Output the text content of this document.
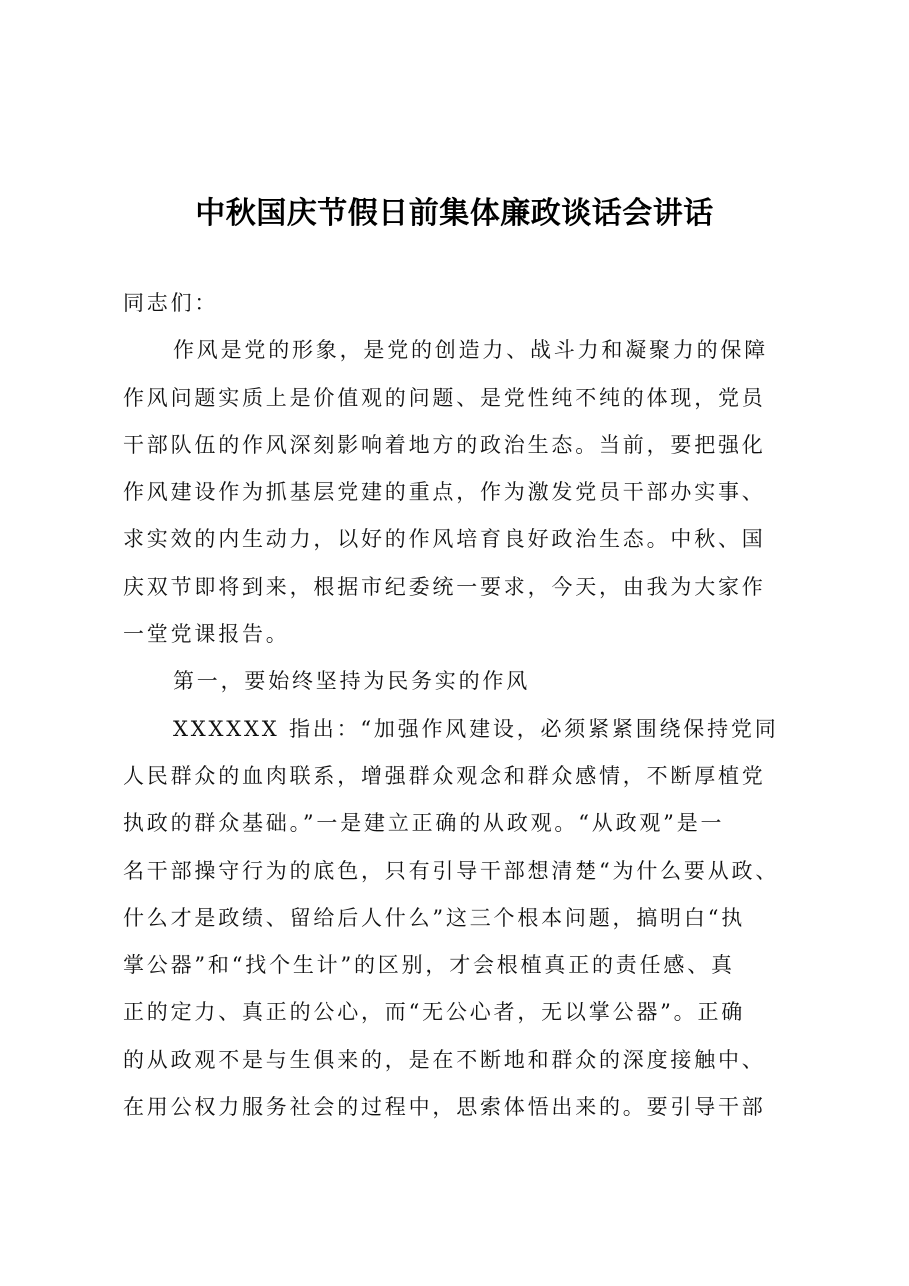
中秋国庆节假日前集体廉政谈话会讲话
同志们：
作风是党的形象，是党的创造力、战斗力和凝聚力的保障
作风问题实质上是价值观的问题、是党性纯不纯的体现，党员
干部队伍的作风深刻影响着地方的政治生态。当前，要把强化
作风建设作为抓基层党建的重点，作为激发党员干部办实事、
求实效的内生动力，以好的作风培育良好政治生态。中秋、国
庆双节即将到来，根据市纪委统一要求，今天，由我为大家作
一堂党课报告。
第一，要始终坚持为民务实的作风
XXXXXX 指出：“加强作风建设，必须紧紧围绕保持党同
人民群众的血肉联系，增强群众观念和群众感情，不断厚植党
执政的群众基础。”一是建立正确的从政观。“从政观”是一
名干部操守行为的底色，只有引导干部想清楚“为什么要从政、
什么才是政绩、留给后人什么”这三个根本问题，搞明白“执
掌公器”和“找个生计”的区别，才会根植真正的责任感、真
正的定力、真正的公心，而“无公心者，无以掌公器”。正确
的从政观不是与生俱来的，是在不断地和群众的深度接触中、
在用公权力服务社会的过程中，思索体悟出来的。要引导干部
